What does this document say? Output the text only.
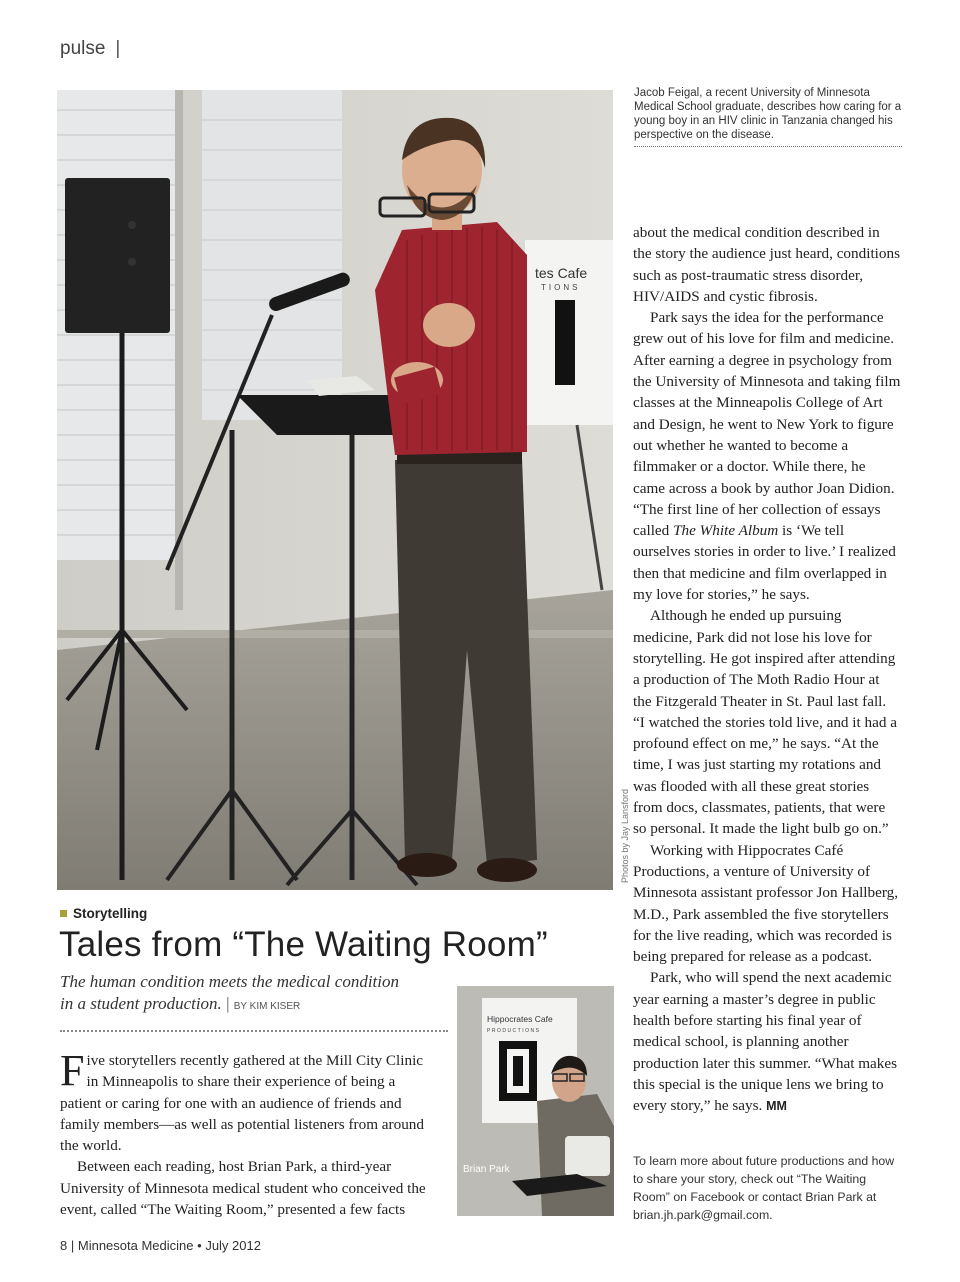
pulse |
tes Cafe
TIONS
Photos by Jay Lansford
Jacob Feigal, a recent University of Minnesota Medical School graduate, describes how caring for a young boy in an HIV clinic in Tanzania changed his perspective on the disease.

about the medical condition described in the story the audience just heard, conditions such as post-traumatic stress disorder, HIV/AIDS and cystic fibrosis.

Park says the idea for the performance grew out of his love for film and medicine. After earning a degree in psychology from the University of Minnesota and taking film classes at the Minneapolis College of Art and Design, he went to New York to figure out whether he wanted to become a filmmaker or a doctor. While there, he came across a book by author Joan Didion. “The first line of her collection of essays called The White Album is ‘We tell ourselves stories in order to live.’ I realized then that medicine and film overlapped in my love for stories,” he says.

Although he ended up pursuing medicine, Park did not lose his love for storytelling. He got inspired after attending a production of The Moth Radio Hour at the Fitzgerald Theater in St. Paul last fall. “I watched the stories told live, and it had a profound effect on me,” he says. “At the time, I was just starting my rotations and was flooded with all these great stories from docs, classmates, patients, that were so personal. It made the light bulb go on.”

Working with Hippocrates Café Productions, a venture of University of Minnesota assistant professor Jon Hallberg, M.D., Park assembled the five storytellers for the live reading, which was recorded is being prepared for release as a podcast.

Park, who will spend the next academic year earning a master’s degree in public health before starting his final year of medical school, is planning another production later this summer. “What makes this special is the unique lens we bring to every story,” he says. MM

To learn more about future productions and how to share your story, check out “The Waiting Room” on Facebook or contact Brian Park at brian.jh.park@gmail.com.
Storytelling
Tales from “The Waiting Room”
The human condition meets the medical condition
in a student production. | BY KIM KISER

Five storytellers recently gathered at the Mill City Clinic in Minneapolis to share their experience of being a patient or caring for one with an audience of friends and family members—as well as potential listeners from around the world.

Between each reading, host Brian Park, a third-year University of Minnesota medical student who conceived the event, called “The Waiting Room,” presented a few facts

Hippocrates Cafe
PRODUCTIONS
Brian Park
8 | Minnesota Medicine • July 2012
